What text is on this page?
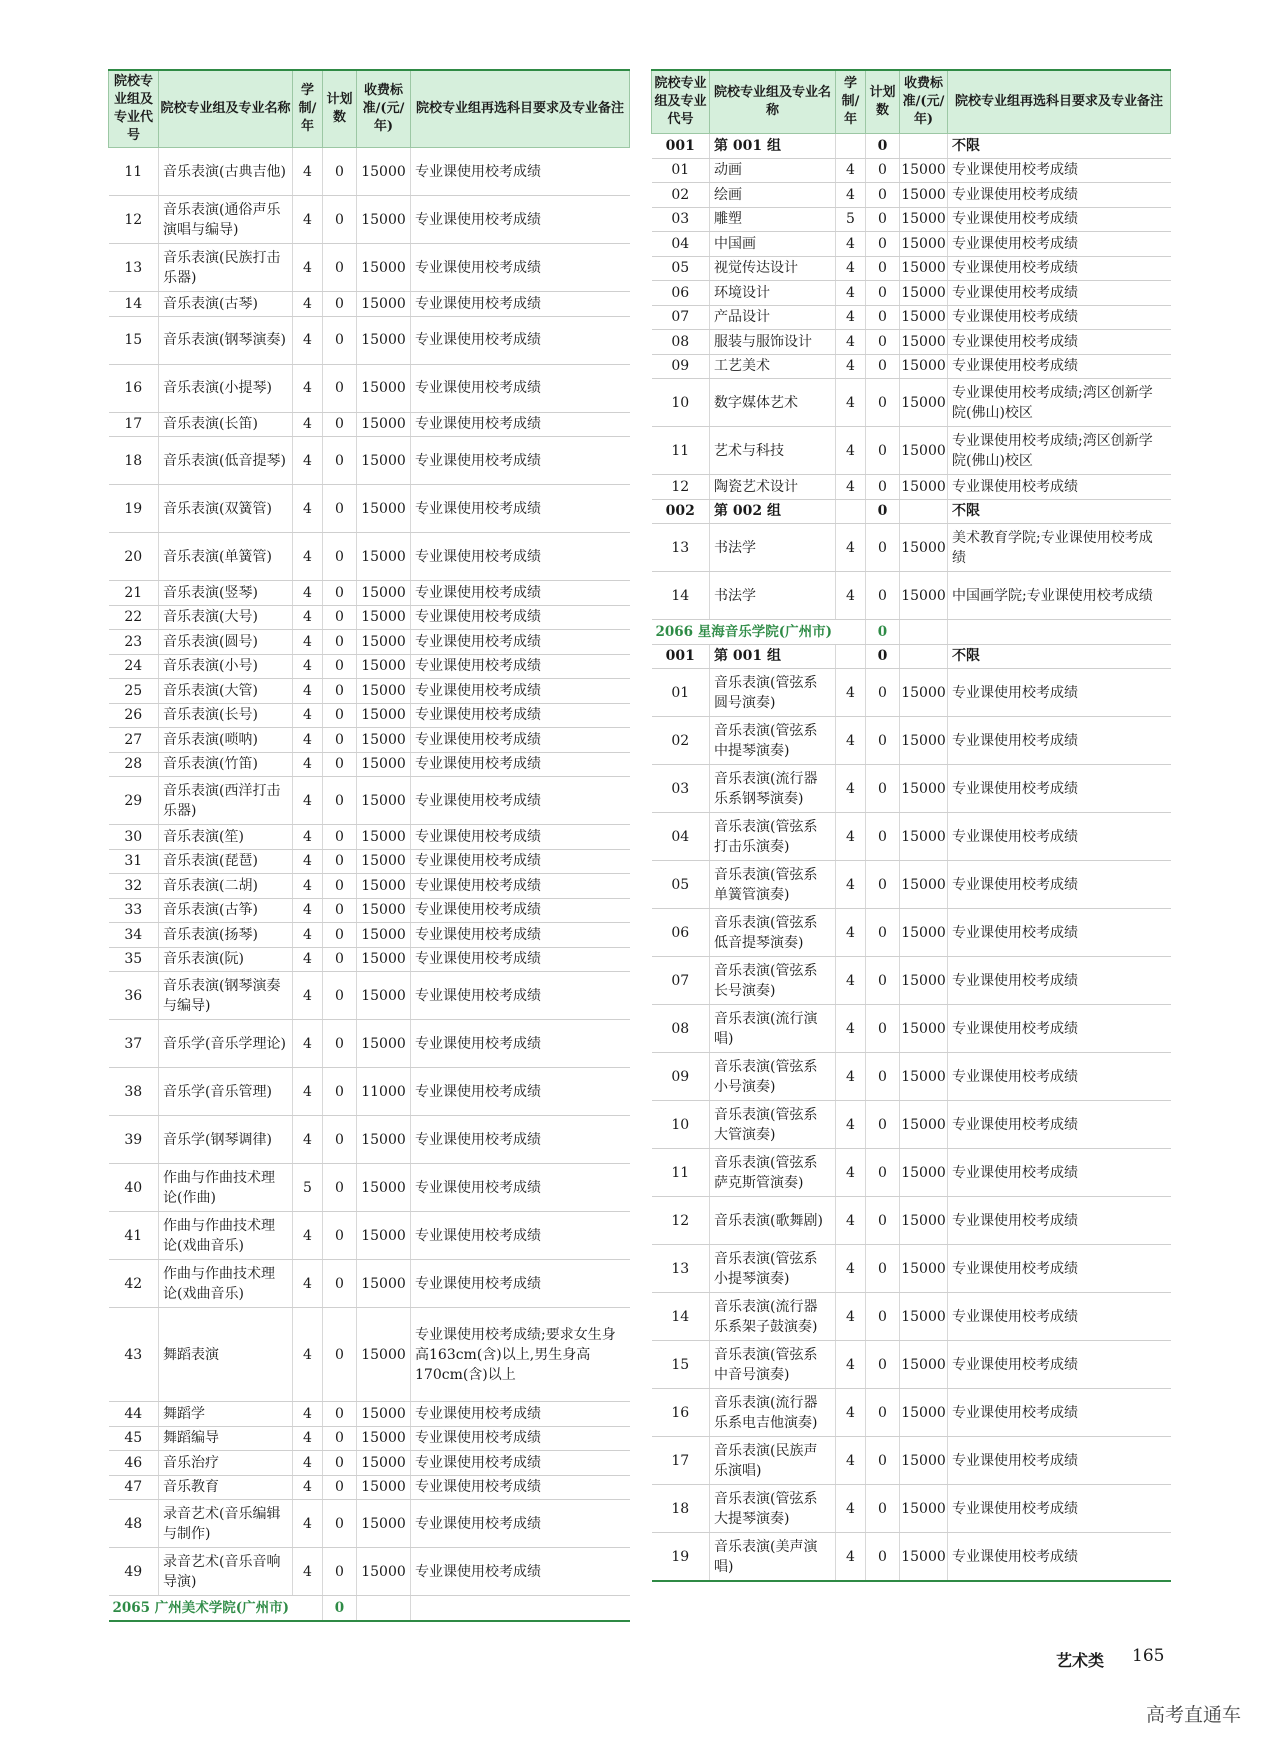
院校专业组及专业代号	院校专业组及专业名称	学制/年	计划数	收费标准/(元/年)	院校专业组再选科目要求及专业备注
11	音乐表演(古典吉他)	4	0	15000	专业课使用校考成绩
12	音乐表演(通俗声乐演唱与编导)	4	0	15000	专业课使用校考成绩
13	音乐表演(民族打击乐器)	4	0	15000	专业课使用校考成绩
14	音乐表演(古琴)	4	0	15000	专业课使用校考成绩
15	音乐表演(钢琴演奏)	4	0	15000	专业课使用校考成绩
16	音乐表演(小提琴)	4	0	15000	专业课使用校考成绩
17	音乐表演(长笛)	4	0	15000	专业课使用校考成绩
18	音乐表演(低音提琴)	4	0	15000	专业课使用校考成绩
19	音乐表演(双簧管)	4	0	15000	专业课使用校考成绩
20	音乐表演(单簧管)	4	0	15000	专业课使用校考成绩
21	音乐表演(竖琴)	4	0	15000	专业课使用校考成绩
22	音乐表演(大号)	4	0	15000	专业课使用校考成绩
23	音乐表演(圆号)	4	0	15000	专业课使用校考成绩
24	音乐表演(小号)	4	0	15000	专业课使用校考成绩
25	音乐表演(大管)	4	0	15000	专业课使用校考成绩
26	音乐表演(长号)	4	0	15000	专业课使用校考成绩
27	音乐表演(唢呐)	4	0	15000	专业课使用校考成绩
28	音乐表演(竹笛)	4	0	15000	专业课使用校考成绩
29	音乐表演(西洋打击乐器)	4	0	15000	专业课使用校考成绩
30	音乐表演(笙)	4	0	15000	专业课使用校考成绩
31	音乐表演(琵琶)	4	0	15000	专业课使用校考成绩
32	音乐表演(二胡)	4	0	15000	专业课使用校考成绩
33	音乐表演(古筝)	4	0	15000	专业课使用校考成绩
34	音乐表演(扬琴)	4	0	15000	专业课使用校考成绩
35	音乐表演(阮)	4	0	15000	专业课使用校考成绩
36	音乐表演(钢琴演奏与编导)	4	0	15000	专业课使用校考成绩
37	音乐学(音乐学理论)	4	0	15000	专业课使用校考成绩
38	音乐学(音乐管理)	4	0	11000	专业课使用校考成绩
39	音乐学(钢琴调律)	4	0	15000	专业课使用校考成绩
40	作曲与作曲技术理论(作曲)	5	0	15000	专业课使用校考成绩
41	作曲与作曲技术理论(戏曲音乐)	4	0	15000	专业课使用校考成绩
42	作曲与作曲技术理论(戏曲音乐)	4	0	15000	专业课使用校考成绩
43	舞蹈表演	4	0	15000	专业课使用校考成绩;要求女生身高163cm(含)以上,男生身高170cm(含)以上
44	舞蹈学	4	0	15000	专业课使用校考成绩
45	舞蹈编导	4	0	15000	专业课使用校考成绩
46	音乐治疗	4	0	15000	专业课使用校考成绩
47	音乐教育	4	0	15000	专业课使用校考成绩
48	录音艺术(音乐编辑与制作)	4	0	15000	专业课使用校考成绩
49	录音艺术(音乐音响导演)	4	0	15000	专业课使用校考成绩
2065 广州美术学院(广州市)			0		
院校专业组及专业代号	院校专业组及专业名称	学制/年	计划数	收费标准/(元/年)	院校专业组再选科目要求及专业备注
001	第 001 组		0		不限
01	动画	4	0	15000	专业课使用校考成绩
02	绘画	4	0	15000	专业课使用校考成绩
03	雕塑	5	0	15000	专业课使用校考成绩
04	中国画	4	0	15000	专业课使用校考成绩
05	视觉传达设计	4	0	15000	专业课使用校考成绩
06	环境设计	4	0	15000	专业课使用校考成绩
07	产品设计	4	0	15000	专业课使用校考成绩
08	服装与服饰设计	4	0	15000	专业课使用校考成绩
09	工艺美术	4	0	15000	专业课使用校考成绩
10	数字媒体艺术	4	0	15000	专业课使用校考成绩;湾区创新学院(佛山)校区
11	艺术与科技	4	0	15000	专业课使用校考成绩;湾区创新学院(佛山)校区
12	陶瓷艺术设计	4	0	15000	专业课使用校考成绩
002	第 002 组		0		不限
13	书法学	4	0	15000	美术教育学院;专业课使用校考成绩
14	书法学	4	0	15000	中国画学院;专业课使用校考成绩
2066 星海音乐学院(广州市)			0		
001	第 001 组		0		不限
01	音乐表演(管弦系圆号演奏)	4	0	15000	专业课使用校考成绩
02	音乐表演(管弦系中提琴演奏)	4	0	15000	专业课使用校考成绩
03	音乐表演(流行器乐系钢琴演奏)	4	0	15000	专业课使用校考成绩
04	音乐表演(管弦系打击乐演奏)	4	0	15000	专业课使用校考成绩
05	音乐表演(管弦系单簧管演奏)	4	0	15000	专业课使用校考成绩
06	音乐表演(管弦系低音提琴演奏)	4	0	15000	专业课使用校考成绩
07	音乐表演(管弦系长号演奏)	4	0	15000	专业课使用校考成绩
08	音乐表演(流行演唱)	4	0	15000	专业课使用校考成绩
09	音乐表演(管弦系小号演奏)	4	0	15000	专业课使用校考成绩
10	音乐表演(管弦系大管演奏)	4	0	15000	专业课使用校考成绩
11	音乐表演(管弦系萨克斯管演奏)	4	0	15000	专业课使用校考成绩
12	音乐表演(歌舞剧)	4	0	15000	专业课使用校考成绩
13	音乐表演(管弦系小提琴演奏)	4	0	15000	专业课使用校考成绩
14	音乐表演(流行器乐系架子鼓演奏)	4	0	15000	专业课使用校考成绩
15	音乐表演(管弦系中音号演奏)	4	0	15000	专业课使用校考成绩
16	音乐表演(流行器乐系电吉他演奏)	4	0	15000	专业课使用校考成绩
17	音乐表演(民族声乐演唱)	4	0	15000	专业课使用校考成绩
18	音乐表演(管弦系大提琴演奏)	4	0	15000	专业课使用校考成绩
19	音乐表演(美声演唱)	4	0	15000	专业课使用校考成绩
艺术类 165
高考直通车
